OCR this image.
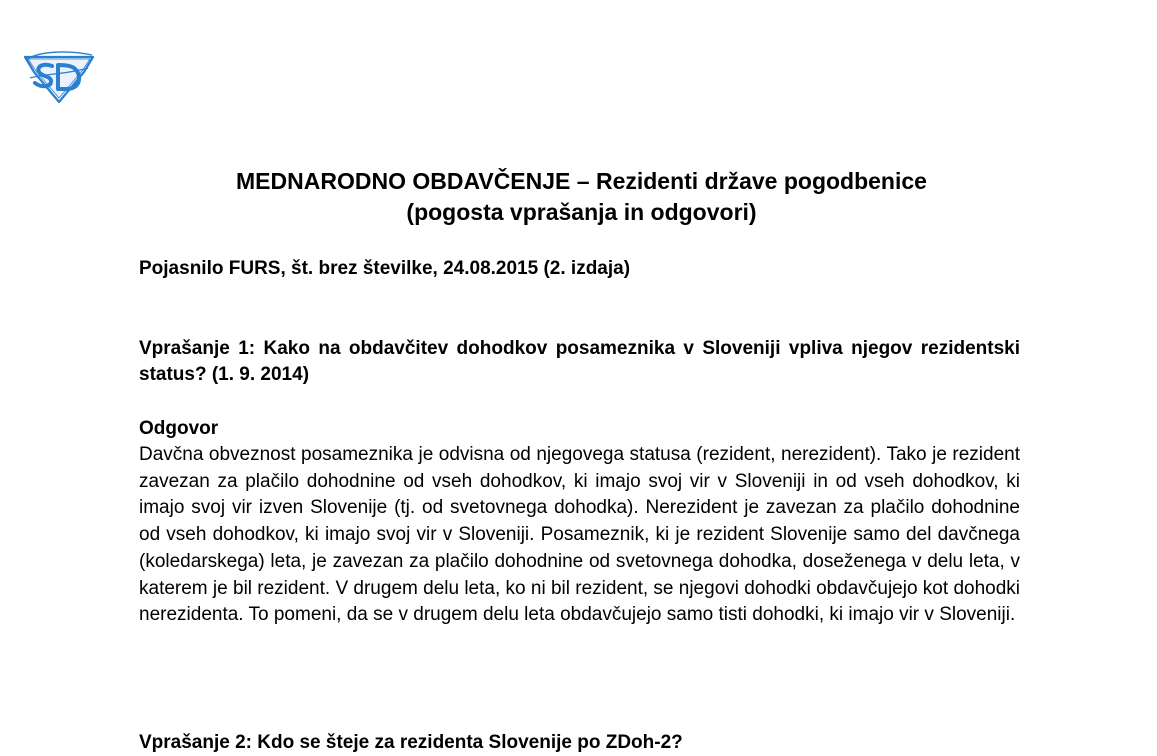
MEDNARODNO OBDAVČENJE – Rezidenti države pogodbenice
(pogosta vprašanja in odgovori)
Pojasnilo FURS, št. brez številke, 24.08.2015 (2. izdaja)
Vprašanje 1: Kako na obdavčitev dohodkov posameznika v Sloveniji vpliva njegov rezidentski status? (1. 9. 2014)
Odgovor
Davčna obveznost posameznika je odvisna od njegovega statusa (rezident, nerezident). Tako je rezident zavezan za plačilo dohodnine od vseh dohodkov, ki imajo svoj vir v Sloveniji in od vseh dohodkov, ki imajo svoj vir izven Slovenije (tj. od svetovnega dohodka). Nerezident je zavezan za plačilo dohodnine od vseh dohodkov, ki imajo svoj vir v Sloveniji. Posameznik, ki je rezident Slovenije samo del davčnega (koledarskega) leta, je zavezan za plačilo dohodnine od svetovnega dohodka, doseženega v delu leta, v katerem je bil rezident. V drugem delu leta, ko ni bil rezident, se njegovi dohodki obdavčujejo kot dohodki nerezidenta. To pomeni, da se v drugem delu leta obdavčujejo samo tisti dohodki, ki imajo vir v Sloveniji.
Vprašanje 2: Kdo se šteje za rezidenta Slovenije po ZDoh-2?
